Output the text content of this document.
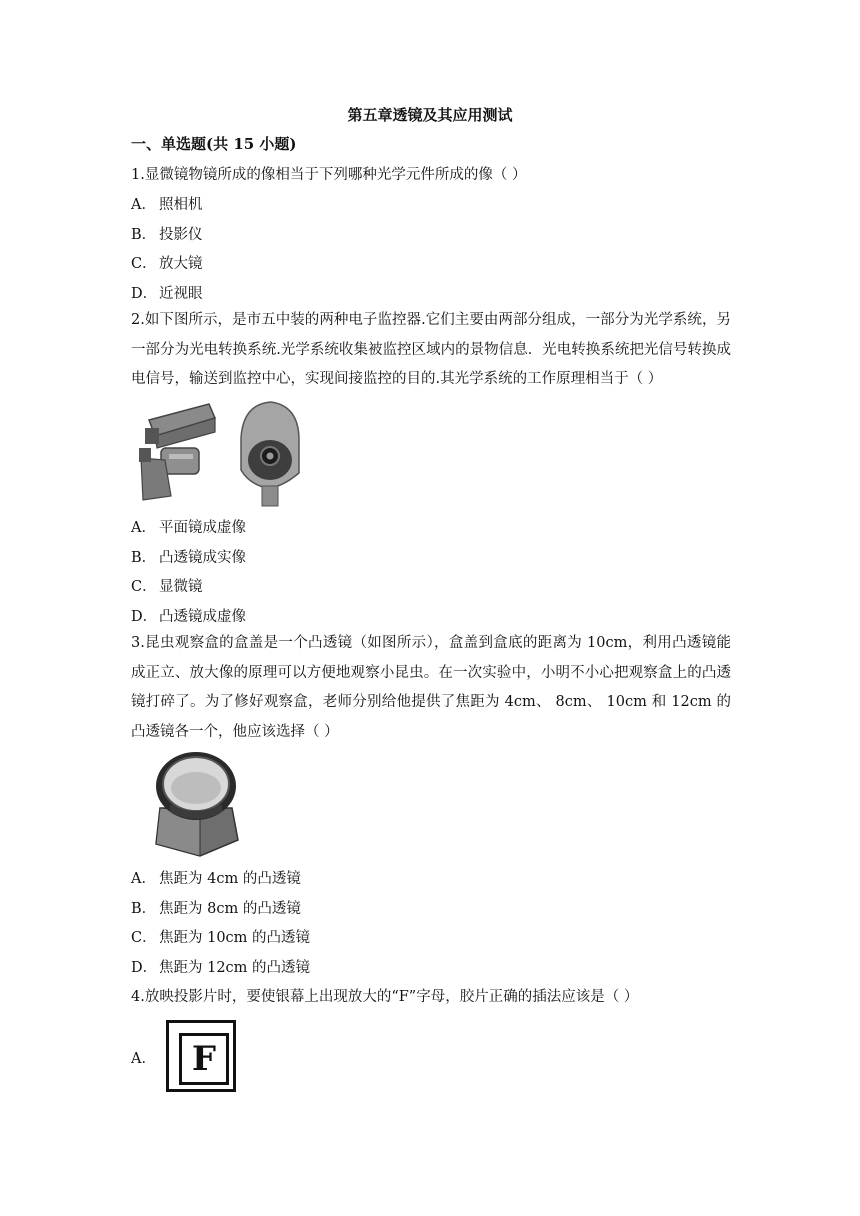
第五章透镜及其应用测试
一、单选题(共 15 小题)
1.显微镜物镜所成的像相当于下列哪种光学元件所成的像（ ）
A． 照相机
B． 投影仪
C． 放大镜
D． 近视眼
2.如下图所示，是市五中装的两种电子监控器.它们主要由两部分组成，一部分为光学系统，另一部分为光电转换系统.光学系统收集被监控区域内的景物信息．光电转换系统把光信号转换成电信号，输送到监控中心，实现间接监控的目的.其光学系统的工作原理相当于（ ）
A． 平面镜成虚像
B． 凸透镜成实像
C． 显微镜
D． 凸透镜成虚像
3.昆虫观察盒的盒盖是一个凸透镜（如图所示），盒盖到盒底的距离为 10cm，利用凸透镜能成正立、放大像的原理可以方便地观察小昆虫。在一次实验中，小明不小心把观察盒上的凸透镜打碎了。为了修好观察盒，老师分别给他提供了焦距为 4cm、 8cm、 10cm 和 12cm 的凸透镜各一个，他应该选择（ ）
A． 焦距为 4cm 的凸透镜
B． 焦距为 8cm 的凸透镜
C． 焦距为 10cm 的凸透镜
D． 焦距为 12cm 的凸透镜
4.放映投影片时，要使银幕上出现放大的“F”字母，胶片正确的插法应该是（ ）
A．	F
